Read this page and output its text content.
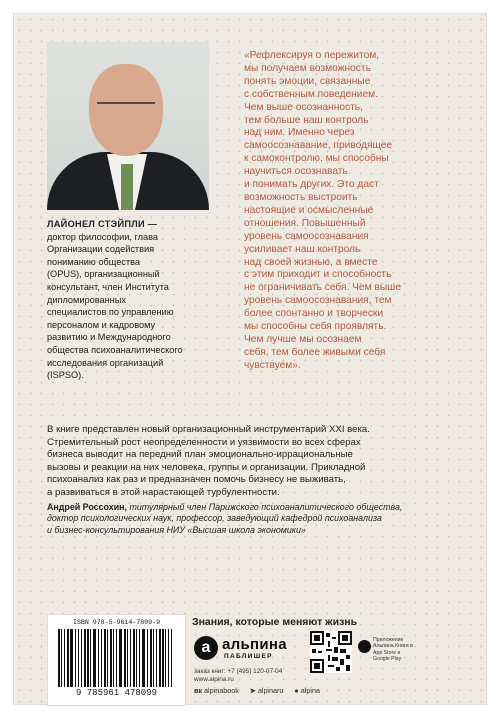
ЛАЙОНЕЛ СТЭЙПЛИ —
доктор философии, глава
Организации содействия
пониманию общества
(OPUS), организационный
консультант, член Института
дипломированных
специалистов по управлению
персоналом и кадровому
развитию и Международного
общества психоаналитического
исследования организаций
(ISPSO).
«Рефлексируя о пережитом,
мы получаем возможность
понять эмоции, связанные
с собственным поведением.
Чем выше осознанность,
тем больше наш контроль
над ним. Именно через
самоосознавание, приводящее
к самоконтролю, мы способны
научиться осознавать
и понимать других. Это даст
возможность выстроить
настоящие и осмысленные
отношения. Повышенный
уровень самоосознавания
усиливает наш контроль
над своей жизнью, а вместе
с этим приходит и способность
не ограничивать себя. Чем выше
уровень самоосознавания, тем
более спонтанно и творчески
мы способны себя проявлять.
Чем лучше мы осознаем
себя, тем более живыми себя
чувствуем».
В книге представлен новый организационный инструментарий XXI века.
Стремительный рост неопределенности и уязвимости во всех сферах
бизнеса выводит на передний план эмоционально-иррациональные
вызовы и реакции на них человека, группы и организации. Прикладной
психоанализ как раз и предназначен помочь бизнесу не выживать,
а развиваться в этой нарастающей турбулентности.
Андрей Россохин, титулярный член Парижского психоаналитического общества,
доктор психологических наук, профессор, заведующий кафедрой психоанализа
и бизнес-консультирования НИУ «Высшая школа экономики»
ISBN 978-5-9614-7809-9
9 785961 478099
Знания, которые меняют жизнь
а альпина
ПАБЛИШЕР
заказ книг: +7 (495) 120-07-04
www.alpina.ru
Приложение Альпина Книги в App Store и Google Play
вк alpinabook ➤ alpinaru ● alpina
